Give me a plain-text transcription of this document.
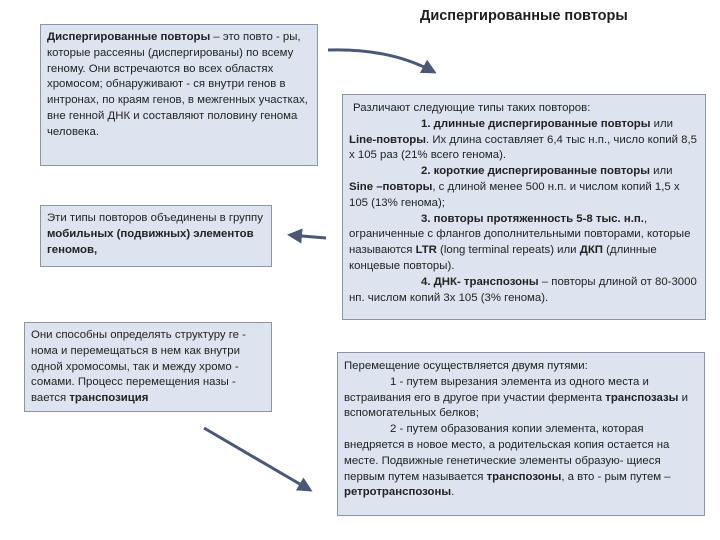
Диспергированные повторы

Диспергированные повторы – это повто - ры, которые рассеяны (диспергированы) по всему геному. Они встречаются во всех областях хромосом; обнаруживают - ся внутри генов в интронах, по краям генов, в межгенных участках, вне генной ДНК и составляют половину генома человека.

Эти типы повторов объединены в группу мобильных (подвижных) элементов геномов,

Они способны определять структуру ге - нома и перемещаться в нем как внутри одной хромосомы, так и между хромо - сомами. Процесс перемещения назы - вается транспозиция

Различают следующие типы таких повторов:

1. длинные диспергированные повторы или Line-повторы. Их длина составляет 6,4 тыс н.п., число копий 8,5 х 105 раз (21% всего генома).

2. короткие диспергированные повторы или Sine –повторы, с длиной менее 500 н.п. и числом копий 1,5 х 105 (13% генома);

3. повторы протяженность 5-8 тыс. н.п., ограниченные с флангов дополнительными повторами, которые называются LTR (long terminal repeats) или ДКП (длинные концевые повторы).

4. ДНК- транспозоны – повторы длиной от 80-3000 нп. числом копий 3х 105 (3% генома).

Перемещение осуществляется двумя путями:

1 - путем вырезания элемента из одного места и встраивания его в другое при участии фермента транспозазы и вспомогательных белков;

2 - путем образования копии элемента, которая внедряется в новое место, а родительская копия остается на месте. Подвижные генетические элементы образую- щиеся первым путем называется транспозоны, а вто - рым путем – ретротранспозоны.
